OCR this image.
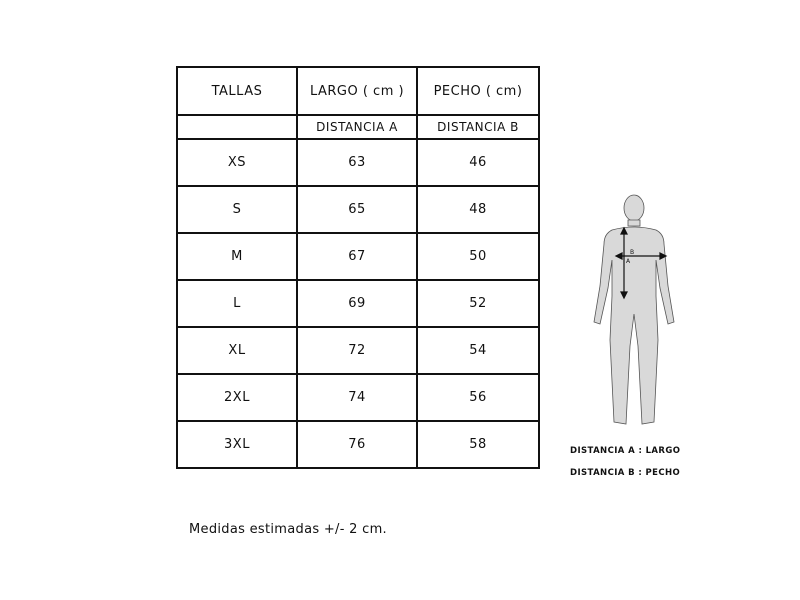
TALLAS	LARGO ( cm )	PECHO ( cm)
	DISTANCIA A	DISTANCIA B
XS	63	46
S	65	48
M	67	50
L	69	52
XL	72	54
2XL	74	56
3XL	76	58
A
B
DISTANCIA A : LARGO
DISTANCIA B : PECHO
Medidas estimadas +/- 2 cm.
